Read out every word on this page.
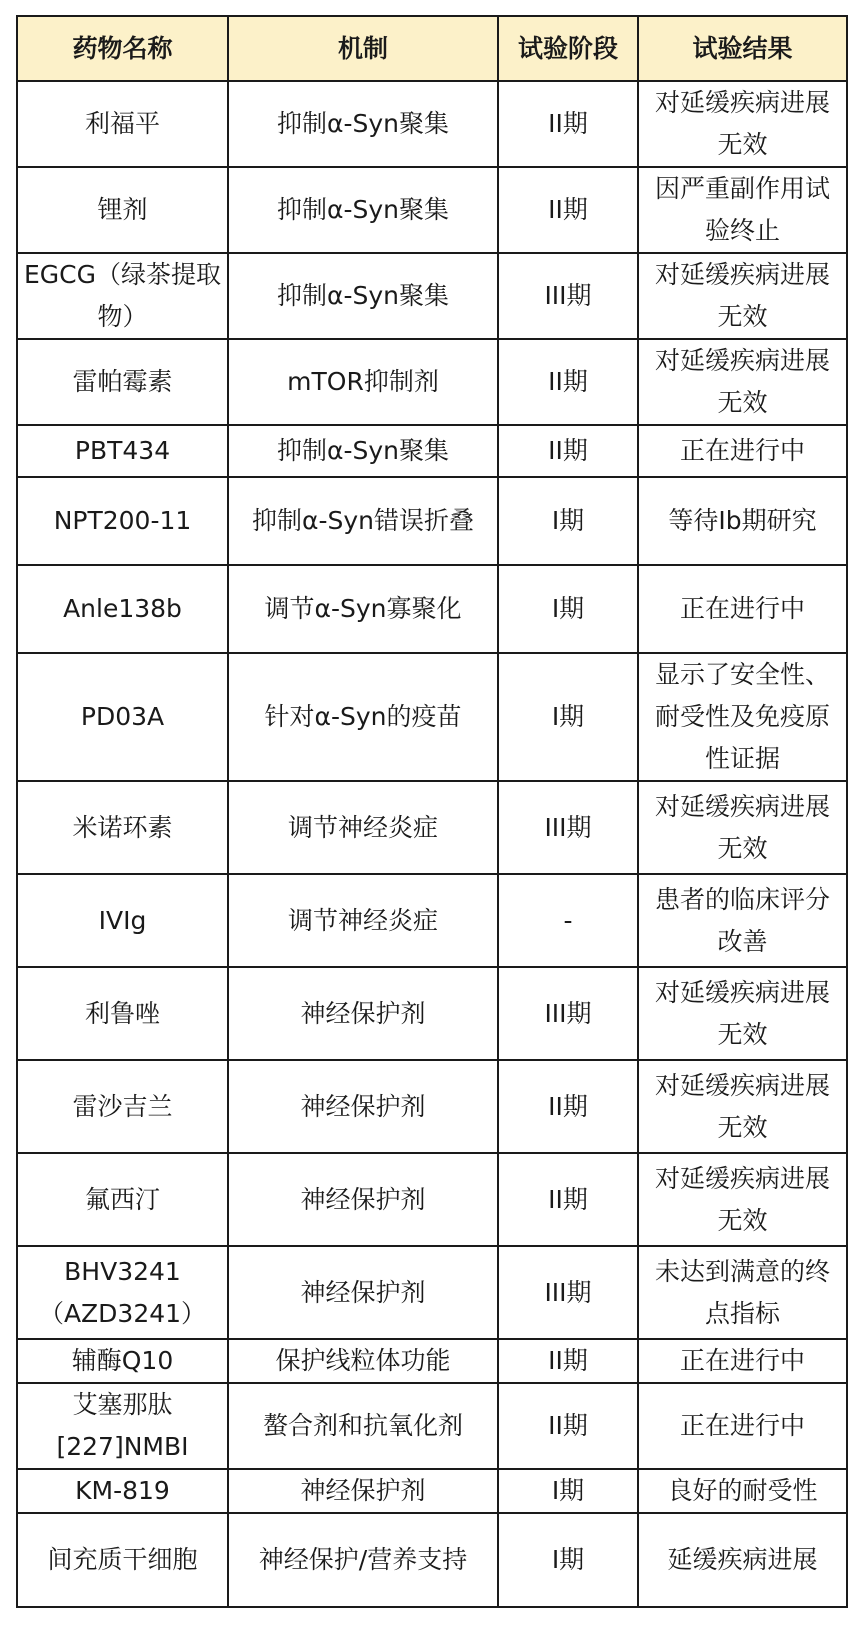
药物名称	机制	试验阶段	试验结果
利福平	抑制α-Syn聚集	II期	对延缓疾病进展无效
锂剂	抑制α-Syn聚集	II期	因严重副作用试验终止
EGCG（绿茶提取物）	抑制α-Syn聚集	III期	对延缓疾病进展无效
雷帕霉素	mTOR抑制剂	II期	对延缓疾病进展无效
PBT434	抑制α-Syn聚集	II期	正在进行中
NPT200-11	抑制α-Syn错误折叠	I期	等待Ib期研究
Anle138b	调节α-Syn寡聚化	I期	正在进行中
PD03A	针对α-Syn的疫苗	I期	显示了安全性、耐受性及免疫原性证据
米诺环素	调节神经炎症	III期	对延缓疾病进展无效
IVIg	调节神经炎症	-	患者的临床评分改善
利鲁唑	神经保护剂	III期	对延缓疾病进展无效
雷沙吉兰	神经保护剂	II期	对延缓疾病进展无效
氟西汀	神经保护剂	II期	对延缓疾病进展无效
BHV3241（AZD3241）	神经保护剂	III期	未达到满意的终点指标
辅酶Q10	保护线粒体功能	II期	正在进行中
艾塞那肽[227]NMBI	螯合剂和抗氧化剂	II期	正在进行中
KM-819	神经保护剂	I期	良好的耐受性
间充质干细胞	神经保护/营养支持	I期	延缓疾病进展
